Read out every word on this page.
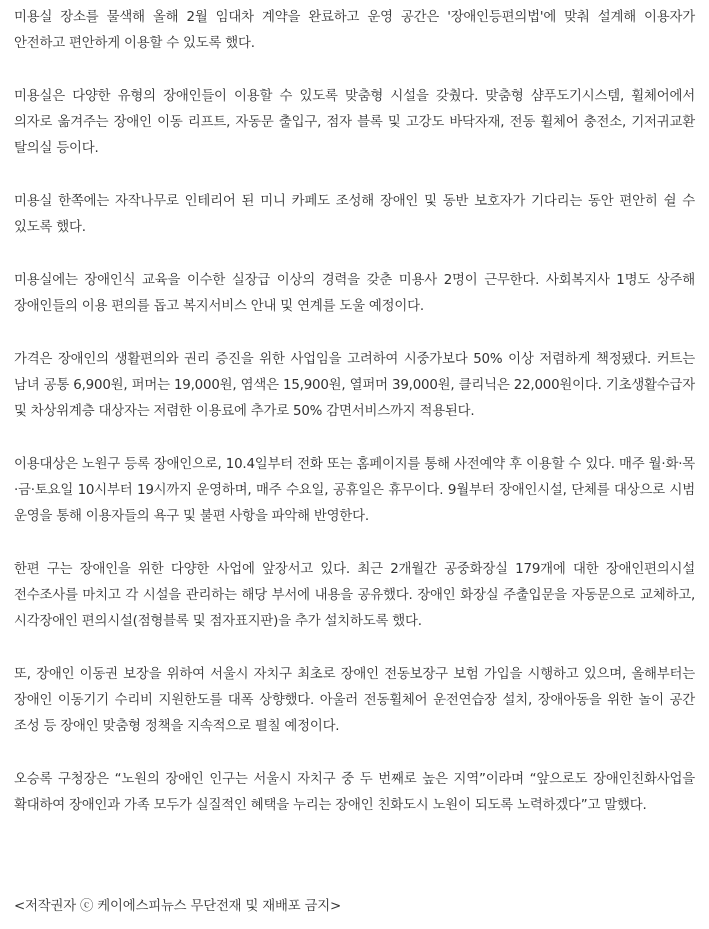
미용실 장소를 물색해 올해 2월 임대차 계약을 완료하고 운영 공간은 '장애인등편의법'에 맞춰 설계해 이용자가 안전하고 편안하게 이용할 수 있도록 했다.

미용실은 다양한 유형의 장애인들이 이용할 수 있도록 맞춤형 시설을 갖췄다. 맞춤형 샴푸도기시스템, 휠체어에서 의자로 옮겨주는 장애인 이동 리프트, 자동문 출입구, 점자 블록 및 고강도 바닥자재, 전동 휠체어 충전소, 기저귀교환 탈의실 등이다.

미용실 한쪽에는 자작나무로 인테리어 된 미니 카페도 조성해 장애인 및 동반 보호자가 기다리는 동안 편안히 쉴 수 있도록 했다.

미용실에는 장애인식 교육을 이수한 실장급 이상의 경력을 갖춘 미용사 2명이 근무한다. 사회복지사 1명도 상주해 장애인들의 이용 편의를 돕고 복지서비스 안내 및 연계를 도울 예정이다.

가격은 장애인의 생활편의와 권리 증진을 위한 사업임을 고려하여 시중가보다 50% 이상 저렴하게 책정됐다. 커트는 남녀 공통 6,900원, 퍼머는 19,000원, 염색은 15,900원, 열퍼머 39,000원, 클리닉은 22,000원이다. 기초생활수급자 및 차상위계층 대상자는 저렴한 이용료에 추가로 50% 감면서비스까지 적용된다.

이용대상은 노원구 등록 장애인으로, 10.4일부터 전화 또는 홈페이지를 통해 사전예약 후 이용할 수 있다. 매주 월·화·목·금·토요일 10시부터 19시까지 운영하며, 매주 수요일, 공휴일은 휴무이다. 9월부터 장애인시설, 단체를 대상으로 시범 운영을 통해 이용자들의 욕구 및 불편 사항을 파악해 반영한다.

한편 구는 장애인을 위한 다양한 사업에 앞장서고 있다. 최근 2개월간 공중화장실 179개에 대한 장애인편의시설 전수조사를 마치고 각 시설을 관리하는 해당 부서에 내용을 공유했다. 장애인 화장실 주출입문을 자동문으로 교체하고, 시각장애인 편의시설(점형블록 및 점자표지판)을 추가 설치하도록 했다.

또, 장애인 이동권 보장을 위하여 서울시 자치구 최초로 장애인 전동보장구 보험 가입을 시행하고 있으며, 올해부터는 장애인 이동기기 수리비 지원한도를 대폭 상향했다. 아울러 전동휠체어 운전연습장 설치, 장애아동을 위한 놀이 공간 조성 등 장애인 맞춤형 정책을 지속적으로 펼칠 예정이다.

오승록 구청장은 “노원의 장애인 인구는 서울시 자치구 중 두 번째로 높은 지역”이라며 “앞으로도 장애인친화사업을 확대하여 장애인과 가족 모두가 실질적인 혜택을 누리는 장애인 친화도시 노원이 되도록 노력하겠다”고 말했다.

<저작권자 ⓒ 케이에스피뉴스 무단전재 및 재배포 금지>
